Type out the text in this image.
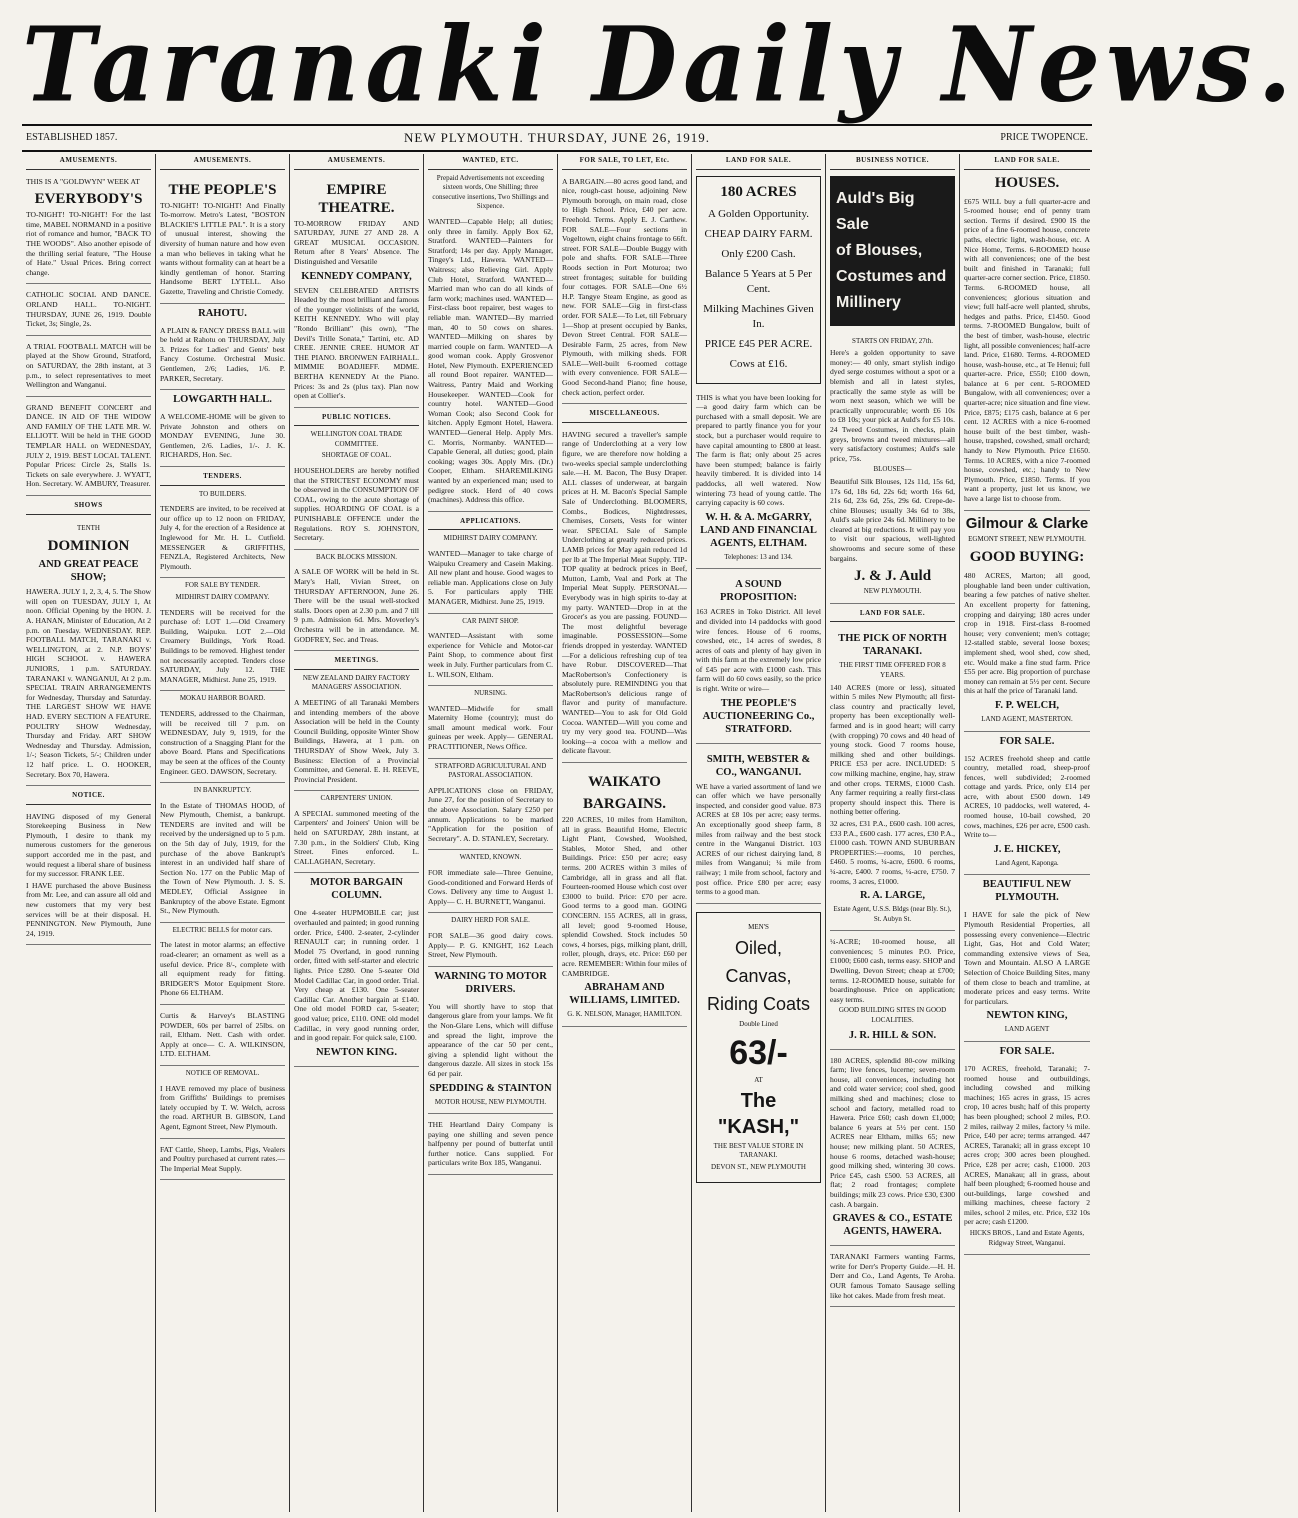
Taranaki Daily News.
ESTABLISHED 1857.	NEW PLYMOUTH. THURSDAY, JUNE 26, 1919.	PRICE TWOPENCE.
AMUSEMENTS.

THIS IS A "GOLDWYN" WEEK AT

EVERYBODY'S

TO-NIGHT! TO-NIGHT! For the last time, MABEL NORMAND in a positive riot of romance and humor, "BACK TO THE WOODS". Also another episode of the thrilling serial feature, "The House of Hate." Usual Prices. Bring correct change.

CATHOLIC SOCIAL AND DANCE. ORLAND HALL. TO-NIGHT. THURSDAY, JUNE 26, 1919. Double Ticket, 3s; Single, 2s.

A TRIAL FOOTBALL MATCH will be played at the Show Ground, Stratford, on SATURDAY, the 28th instant, at 3 p.m., to select representatives to meet Wellington and Wanganui.

GRAND BENEFIT CONCERT and DANCE. IN AID OF THE WIDOW AND FAMILY OF THE LATE MR. W. ELLIOTT. Will be held in THE GOOD TEMPLAR HALL on WEDNESDAY, JULY 2, 1919. BEST LOCAL TALENT. Popular Prices: Circle 2s, Stalls 1s. Tickets on sale everywhere. J. WYATT, Hon. Secretary. W. AMBURY, Treasurer.

SHOWS
TENTH
DOMINION
AND GREAT PEACE SHOW;

HAWERA. JULY 1, 2, 3, 4, 5. The Show will open on TUESDAY, JULY 1, At noon. Official Opening by the HON. J. A. HANAN, Minister of Education, At 2 p.m. on Tuesday. WEDNESDAY. REP. FOOTBALL MATCH, TARANAKI v. WELLINGTON, at 2. N.P. BOYS' HIGH SCHOOL v. HAWERA JUNIORS, 1 p.m. SATURDAY. TARANAKI v. WANGANUI, At 2 p.m. SPECIAL TRAIN ARRANGEMENTS for Wednesday, Thursday and Saturday. THE LARGEST SHOW WE HAVE HAD. EVERY SECTION A FEATURE. POULTRY SHOW Wednesday, Thursday and Friday. ART SHOW Wednesday and Thursday. Admission, 1/-; Season Tickets, 5/-; Children under 12 half price. L. O. HOOKER, Secretary. Box 70, Hawera.

NOTICE.

HAVING disposed of my General Storekeeping Business in New Plymouth, I desire to thank my numerous customers for the generous support accorded me in the past, and would request a liberal share of business for my successor. FRANK LEE.

I HAVE purchased the above Business from Mr. Lee, and can assure all old and new customers that my very best services will be at their disposal. H. PENNINGTON. New Plymouth, June 24, 1919.

AMUSEMENTS.
THE PEOPLE'S

TO-NIGHT! TO-NIGHT! And Finally To-morrow. Metro's Latest, "BOSTON BLACKIE'S LITTLE PAL". It is a story of unusual interest, showing the diversity of human nature and how even a man who believes in taking what he wants without formality can at heart be a kindly gentleman of honor. Starring Handsome BERT LYTELL. Also Gazette, Traveling and Christie Comedy.

RAHOTU.

A PLAIN & FANCY DRESS BALL will be held at Rahotu on THURSDAY, July 3. Prizes for Ladies' and Gents' best Fancy Costume. Orchestral Music. Gentlemen, 2/6; Ladies, 1/6. P. PARKER, Secretary.

LOWGARTH HALL.

A WELCOME-HOME will be given to Private Johnston and others on MONDAY EVENING, June 30. Gentlemen, 2/6. Ladies, 1/-. J. K. RICHARDS, Hon. Sec.

TENDERS.
TO BUILDERS.

TENDERS are invited, to be received at our office up to 12 noon on FRIDAY, July 4, for the erection of a Residence at Inglewood for Mr. H. L. Cutfield. MESSENGER & GRIFFITHS, FENZLA, Registered Architects, New Plymouth.

FOR SALE BY TENDER.
MIDHIRST DAIRY COMPANY.

TENDERS will be received for the purchase of: LOT 1.—Old Creamery Building, Waipuku. LOT 2.—Old Creamery Buildings, York Road. Buildings to be removed. Highest tender not necessarily accepted. Tenders close SATURDAY, July 12. THE MANAGER, Midhirst. June 25, 1919.

MOKAU HARBOR BOARD.

TENDERS, addressed to the Chairman, will be received till 7 p.m. on WEDNESDAY, July 9, 1919, for the construction of a Snagging Plant for the above Board. Plans and Specifications may be seen at the offices of the County Engineer. GEO. DAWSON, Secretary.

IN BANKRUPTCY.

In the Estate of THOMAS HOOD, of New Plymouth, Chemist, a bankrupt. TENDERS are invited and will be received by the undersigned up to 5 p.m. on the 5th day of July, 1919, for the purchase of the above Bankrupt's interest in an undivided half share of Section No. 177 on the Public Map of the Town of New Plymouth. J. S. S. MEDLEY, Official Assignee in Bankruptcy of the above Estate. Egmont St., New Plymouth.

ELECTRIC BELLS for motor cars.

The latest in motor alarms; an effective road-clearer; an ornament as well as a useful device. Price 8/-, complete with all equipment ready for fitting. BRIDGER'S Motor Equipment Store. Phone 66 ELTHAM.

Curtis & Harvey's BLASTING POWDER, 60s per barrel of 25lbs. on rail, Eltham. Nett. Cash with order. Apply at once— C. A. WILKINSON, LTD. ELTHAM.

NOTICE OF REMOVAL.

I HAVE removed my place of business from Griffiths' Buildings to premises lately occupied by T. W. Welch, across the road. ARTHUR B. GIBSON, Land Agent, Egmont Street, New Plymouth.

FAT Cattle, Sheep, Lambs, Pigs, Vealers and Poultry purchased at current rates.—The Imperial Meat Supply.

AMUSEMENTS.
EMPIRE THEATRE.

TO-MORROW FRIDAY AND SATURDAY, JUNE 27 AND 28. A GREAT MUSICAL OCCASION. Return after 8 Years' Absence. The Distinguished and Versatile

KENNEDY COMPANY,

SEVEN CELEBRATED ARTISTS Headed by the most brilliant and famous of the younger violinists of the world, KEITH KENNEDY. Who will play "Rondo Brilliant" (his own), "The Devil's Trille Sonata," Tartini, etc. AD CREE. JENNIE CREE. HUMOR AT THE PIANO. BRONWEN FAIRHALL. MIMMIE BOADJIEFF. MDME. BERTHA KENNEDY At the Piano. Prices: 3s and 2s (plus tax). Plan now open at Collier's.

PUBLIC NOTICES.
WELLINGTON COAL TRADE COMMITTEE.
SHORTAGE OF COAL.

HOUSEHOLDERS are hereby notified that the STRICTEST ECONOMY must be observed in the CONSUMPTION OF COAL, owing to the acute shortage of supplies. HOARDING OF COAL is a PUNISHABLE OFFENCE under the Regulations. ROY S. JOHNSTON, Secretary.

BACK BLOCKS MISSION.

A SALE OF WORK will be held in St. Mary's Hall, Vivian Street, on THURSDAY AFTERNOON, June 26. There will be the usual well-stocked stalls. Doors open at 2.30 p.m. and 7 till 9 p.m. Admission 6d. Mrs. Moverley's Orchestra will be in attendance. M. GODFREY, Sec. and Treas.

MEETINGS.
NEW ZEALAND DAIRY FACTORY MANAGERS' ASSOCIATION.

A MEETING of all Taranaki Members and intending members of the above Association will be held in the County Council Building, opposite Winter Show Buildings, Hawera, at 1 p.m. on THURSDAY of Show Week, July 3. Business: Election of a Provincial Committee, and General. E. H. REEVE, Provincial President.

CARPENTERS' UNION.

A SPECIAL summoned meeting of the Carpenters' and Joiners' Union will be held on SATURDAY, 28th instant, at 7.30 p.m., in the Soldiers' Club, King Street. Fines enforced. L. CALLAGHAN, Secretary.

MOTOR BARGAIN COLUMN.

One 4-seater HUPMOBILE car; just overhauled and painted; in good running order. Price, £400. 2-seater, 2-cylinder RENAULT car; in running order. 1 Model 75 Overland, in good running order, fitted with self-starter and electric lights. Price £280. One 5-seater Old Model Cadillac Car, in good order. Trial. Very cheap at £130. One 5-seater Cadillac Car. Another bargain at £140. One old model FORD car, 5-seater; good value; price, £110. ONE old model Cadillac, in very good running order, and in good repair. For quick sale, £100.

NEWTON KING.
WANTED, ETC.
Prepaid Advertisements not exceeding sixteen words, One Shilling; three consecutive insertions, Two Shillings and Sixpence.

WANTED—Capable Help; all duties; only three in family. Apply Box 62, Stratford. WANTED—Painters for Stratford; 14s per day. Apply Manager, Tingey's Ltd., Hawera. WANTED—Waitress; also Relieving Girl. Apply Club Hotel, Stratford. WANTED—Married man who can do all kinds of farm work; machines used. WANTED—First-class boot repairer, best wages to reliable man. WANTED—By married man, 40 to 50 cows on shares. WANTED—Milking on shares by married couple on farm. WANTED—A good woman cook. Apply Grosvenor Hotel, New Plymouth. EXPERIENCED all round Boot repairer. WANTED—Waitress, Pantry Maid and Working Housekeeper. WANTED—Cook for country hotel. WANTED—Good Woman Cook; also Second Cook for kitchen. Apply Egmont Hotel, Hawera. WANTED—General Help. Apply Mrs. C. Morris, Normanby. WANTED—Capable General, all duties; good, plain cooking; wages 30s. Apply Mrs. (Dr.) Cooper, Eltham. SHAREMILKING wanted by an experienced man; used to pedigree stock. Herd of 40 cows (machines). Address this office.

APPLICATIONS.
MIDHIRST DAIRY COMPANY.

WANTED—Manager to take charge of Waipuku Creamery and Casein Making. All new plant and house. Good wages to reliable man. Applications close on July 5. For particulars apply THE MANAGER, Midhirst. June 25, 1919.

CAR PAINT SHOP.

WANTED—Assistant with some experience for Vehicle and Motor-car Paint Shop, to commence about first week in July. Further particulars from C. L. WILSON, Eltham.

NURSING.

WANTED—Midwife for small Maternity Home (country); must do small amount medical work. Four guineas per week. Apply— GENERAL PRACTITIONER, News Office.

STRATFORD AGRICULTURAL AND PASTORAL ASSOCIATION.

APPLICATIONS close on FRIDAY, June 27, for the position of Secretary to the above Association. Salary £250 per annum. Applications to be marked "Application for the position of Secretary". A. D. STANLEY, Secretary.

WANTED, KNOWN.

FOR immediate sale—Three Genuine, Good-conditioned and Forward Herds of Cows. Delivery any time to August 1. Apply— C. H. BURNETT, Wanganui.

DAIRY HERD FOR SALE.

FOR SALE—36 good dairy cows. Apply— P. G. KNIGHT, 162 Leach Street, New Plymouth.

WARNING TO MOTOR DRIVERS.

You will shortly have to stop that dangerous glare from your lamps. We fit the Non-Glare Lens, which will diffuse and spread the light, improve the appearance of the car 50 per cent., giving a splendid light without the dangerous dazzle. All sizes in stock 15s 6d per pair.

SPEDDING & STAINTON
MOTOR HOUSE, NEW PLYMOUTH.

THE Heartland Dairy Company is paying one shilling and seven pence halfpenny per pound of butterfat until further notice. Cans supplied. For particulars write Box 185, Wanganui.

FOR SALE, TO LET, Etc.

A BARGAIN.—80 acres good land, and nice, rough-cast house, adjoining New Plymouth borough, on main road, close to High School. Price, £40 per acre. Freehold. Terms. Apply E. J. Carthew. FOR SALE—Four sections in Vogeltown, eight chains frontage to 66ft. street. FOR SALE—Double Buggy with pole and shafts. FOR SALE—Three Roods section in Port Moturoa; two street frontages; suitable for building four cottages. FOR SALE—One 6½ H.P. Tangye Steam Engine, as good as new. FOR SALE—Gig in first-class order. FOR SALE—To Let, till February 1—Shop at present occupied by Banks, Devon Street Central. FOR SALE—Desirable Farm, 25 acres, from New Plymouth, with milking sheds. FOR SALE—Well-built 6-roomed cottage with every convenience. FOR SALE—Good Second-hand Piano; fine house, check action, perfect order.

MISCELLANEOUS.

HAVING secured a traveller's sample range of Underclothing at a very low figure, we are therefore now holding a two-weeks special sample underclothing sale.—H. M. Bacon, The Busy Draper. ALL classes of underwear, at bargain prices at H. M. Bacon's Special Sample Sale of Underclothing. BLOOMERS, Combs., Bodices, Nightdresses, Chemises, Corsets, Vests for winter wear. SPECIAL Sale of Sample Underclothing at greatly reduced prices. LAMB prices for May again reduced 1d per lb at The Imperial Meat Supply. TIP-TOP quality at bedrock prices in Beef, Mutton, Lamb, Veal and Pork at The Imperial Meat Supply. PERSONAL—Everybody was in high spirits to-day at my party. WANTED—Drop in at the Grocer's as you are passing. FOUND—The most delightful beverage imaginable. POSSESSION—Some friends dropped in yesterday. WANTED—For a delicious refreshing cup of tea have Robur. DISCOVERED—That MacRobertson's Confectionery is absolutely pure. REMINDING you that MacRobertson's delicious range of flavor and purity of manufacture. WANTED—You to ask for Old Gold Cocoa. WANTED—Will you come and try my very good tea. FOUND—Was looking—a cocoa with a mellow and delicate flavour.

WAIKATO
BARGAINS.

220 ACRES, 10 miles from Hamilton, all in grass. Beautiful Home, Electric Light Plant, Cowshed, Woolshed, Stables, Motor Shed, and other Buildings. Price: £50 per acre; easy terms. 200 ACRES within 3 miles of Cambridge, all in grass and all flat. Fourteen-roomed House which cost over £3000 to build. Price: £70 per acre. Good terms to a good man. GOING CONCERN. 155 ACRES, all in grass, all level; good 9-roomed House, splendid Cowshed. Stock includes 50 cows, 4 horses, pigs, milking plant, drill, roller, plough, drays, etc. Price: £60 per acre. REMEMBER: Within four miles of CAMBRIDGE.

ABRAHAM AND WILLIAMS, LIMITED.
G. K. NELSON, Manager, HAMILTON.
LAND FOR SALE.
180 ACRES
A Golden Opportunity.
CHEAP DAIRY FARM.
Only £200 Cash.
Balance 5 Years at 5 Per Cent.
Milking Machines Given In.
PRICE £45 PER ACRE.
Cows at £16.

THIS is what you have been looking for—a good dairy farm which can be purchased with a small deposit. We are prepared to partly finance you for your stock, but a purchaser would require to have capital amounting to £800 at least. The farm is flat; only about 25 acres have been stumped; balance is fairly heavily timbered. It is divided into 14 paddocks, all well watered. Now wintering 73 head of young cattle. The carrying capacity is 60 cows.

W. H. & A. McGARRY, LAND AND FINANCIAL AGENTS, ELTHAM.
Telephones: 13 and 134.
A SOUND PROPOSITION:

163 ACRES in Toko District. All level and divided into 14 paddocks with good wire fences. House of 6 rooms, cowshed, etc., 14 acres of swedes, 8 acres of oats and plenty of hay given in with this farm at the extremely low price of £45 per acre with £1000 cash. This farm will do 60 cows easily, so the price is right. Write or wire—

THE PEOPLE'S AUCTIONEERING Co., STRATFORD.
SMITH, WEBSTER & CO., WANGANUI.

WE have a varied assortment of land we can offer which we have personally inspected, and consider good value. 873 ACRES at £8 10s per acre; easy terms. An exceptionally good sheep farm, 8 miles from railway and the best stock centre in the Wanganui District. 103 ACRES of our richest dairying land, 8 miles from Wanganui; ¼ mile from railway; 1 mile from school, factory and post office. Price £80 per acre; easy terms to a good man.

MEN'S
Oiled,
Canvas,
Riding Coats
Double Lined
63/-
AT
The "KASH,"
THE BEST VALUE STORE IN TARANAKI.
DEVON ST., NEW PLYMOUTH
BUSINESS NOTICE.
Auld's Big Sale
of Blouses,
Costumes and
Millinery
STARTS ON FRIDAY, 27th.

Here's a golden opportunity to save money:— 40 only, smart stylish indigo dyed serge costumes without a spot or a blemish and all in latest styles, practically the same style as will be worn next season, which we will be practically unprocurable; worth £6 10s to £8 10s; your pick at Auld's for £5 10s. 24 Tweed Costumes, in checks, plain greys, browns and tweed mixtures—all very satisfactory costumes; Auld's sale price, 75s.

BLOUSES—

Beautiful Silk Blouses, 12s 11d, 15s 6d, 17s 6d, 18s 6d, 22s 6d; worth 16s 6d, 21s 6d, 23s 6d, 25s, 29s 6d. Crepe-de-chine Blouses; usually 34s 6d to 38s, Auld's sale price 24s 6d. Millinery to be cleared at big reductions. It will pay you to visit our spacious, well-lighted showrooms and secure some of these bargains.

J. & J. Auld
NEW PLYMOUTH.
LAND FOR SALE.
THE PICK OF NORTH TARANAKI.
THE FIRST TIME OFFERED FOR 8 YEARS.

140 ACRES (more or less), situated within 5 miles New Plymouth; all first-class country and practically level, property has been exceptionally well-farmed and is in good heart; will carry (with cropping) 70 cows and 40 head of young stock. Good 7 rooms house, milking shed and other buildings. PRICE £53 per acre. INCLUDED: 5 cow milking machine, engine, hay, straw and other crops. TERMS, £1000 Cash. Any farmer requiring a really first-class property should inspect this. There is nothing better offering.

32 acres, £31 P.A., £600 cash. 100 acres, £33 P.A., £600 cash. 177 acres, £30 P.A., £1000 cash. TOWN AND SUBURBAN PROPERTIES:—rooms, 10 perches, £460. 5 rooms, ¼-acre, £600. 6 rooms, ¼-acre, £400. 7 rooms, ¼-acre, £750. 7 rooms, 3 acres, £1000.

R. A. LARGE,
Estate Agent, U.S.S. Bldgs (near Bly. St.), St. Aubyn St.

¼-ACRE; 10-roomed house, all conveniences; 5 minutes P.O. Price, £1000; £600 cash, terms easy. SHOP and Dwelling, Devon Street; cheap at £700; terms. 12-ROOMED house, suitable for boardinghouse. Price on application; easy terms.

GOOD BUILDING SITES IN GOOD LOCALITIES.
J. R. HILL & SON.

180 ACRES, splendid 80-cow milking farm; live fences, lucerne; seven-room house, all conveniences, including hot and cold water service; cool shed, good milking shed and machines; close to school and factory, metalled road to Hawera. Price £60; cash down £1,000; balance 6 years at 5½ per cent. 150 ACRES near Eltham, milks 65; new house; new milking plant. 50 ACRES, house 6 rooms, detached wash-house; good milking shed, wintering 30 cows. Price £45, cash £500. 53 ACRES, all flat; 2 road frontages; complete buildings; milk 23 cows. Price £30, £300 cash. A bargain.

GRAVES & CO., ESTATE AGENTS, HAWERA.

TARANAKI Farmers wanting Farms, write for Derr's Property Guide.—H. H. Derr and Co., Land Agents, Te Aroha. OUR famous Tomato Sausage selling like hot cakes. Made from fresh meat.

LAND FOR SALE.
HOUSES.

£675 WILL buy a full quarter-acre and 5-roomed house; end of penny tram section. Terms if desired. £900 IS the price of a fine 6-roomed house, concrete paths, electric light, wash-house, etc. A Nice Home, Terms. 6-ROOMED house with all conveniences; one of the best built and finished in Taranaki; full quarter-acre corner section. Price, £1850. Terms. 6-ROOMED house, all conveniences; glorious situation and view; full half-acre well planted, shrubs, hedges and paths. Price, £1450. Good terms. 7-ROOMED Bungalow, built of the best of timber, wash-house, electric light, all possible conveniences; half-acre land. Price, £1680. Terms. 4-ROOMED house, wash-house, etc., at Te Henui; full quarter-acre. Price, £550; £100 down, balance at 6 per cent. 5-ROOMED Bungalow, with all conveniences; over a quarter-acre; nice situation and fine view. Price, £875; £175 cash, balance at 6 per cent. 12 ACRES with a nice 6-roomed house built of the best timber, wash-house, trapshed, cowshed, small orchard; handy to New Plymouth. Price £1650. Terms. 10 ACRES, with a nice 7-roomed house, cowshed, etc.; handy to New Plymouth. Price, £1850. Terms. If you want a property, just let us know, we have a large list to choose from.

Gilmour & Clarke
EGMONT STREET, NEW PLYMOUTH.
GOOD BUYING:

480 ACRES, Marton; all good, ploughable land been under cultivation, bearing a few patches of native shelter. An excellent property for fattening, cropping and dairying; 180 acres under crop in 1918. First-class 8-roomed house; very convenient; men's cottage; 12-stalled stable, several loose boxes; implement shed, wool shed, cow shed, etc. Would make a fine stud farm. Price £55 per acre. Big proportion of purchase money can remain at 5½ per cent. Secure this at half the price of Taranaki land.

F. P. WELCH,
LAND AGENT, MASTERTON.
FOR SALE.

152 ACRES freehold sheep and cattle country, metalled road, sheep-proof fences, well subdivided; 2-roomed cottage and yards. Price, only £14 per acre, with about £500 down. 149 ACRES, 10 paddocks, well watered, 4-roomed house, 10-bail cowshed, 20 cows, machines, £26 per acre, £500 cash. Write to—

J. E. HICKEY,
Land Agent, Kaponga.
BEAUTIFUL NEW PLYMOUTH.

I HAVE for sale the pick of New Plymouth Residential Properties, all possessing every convenience—Electric Light, Gas, Hot and Cold Water; commanding extensive views of Sea, Town and Mountain. ALSO A LARGE Selection of Choice Building Sites, many of them close to beach and tramline, at moderate prices and easy terms. Write for particulars.

NEWTON KING,
LAND AGENT
FOR SALE.

170 ACRES, freehold, Taranaki; 7-roomed house and outbuildings, including cowshed and milking machines; 165 acres in grass, 15 acres crop, 10 acres bush; half of this property has been ploughed; school 2 miles, P.O. 2 miles, railway 2 miles, factory ¼ mile. Price, £40 per acre; terms arranged. 447 ACRES, Taranaki; all in grass except 10 acres crop; 300 acres been ploughed. Price, £28 per acre; cash, £1000. 203 ACRES, Manakau; all in grass, about half been ploughed; 6-roomed house and out-buildings, large cowshed and milking machines, cheese factory 2 miles, school 2 miles, etc. Price, £32 10s per acre; cash £1200.

HICKS BROS., Land and Estate Agents, Ridgway Street, Wanganui.
